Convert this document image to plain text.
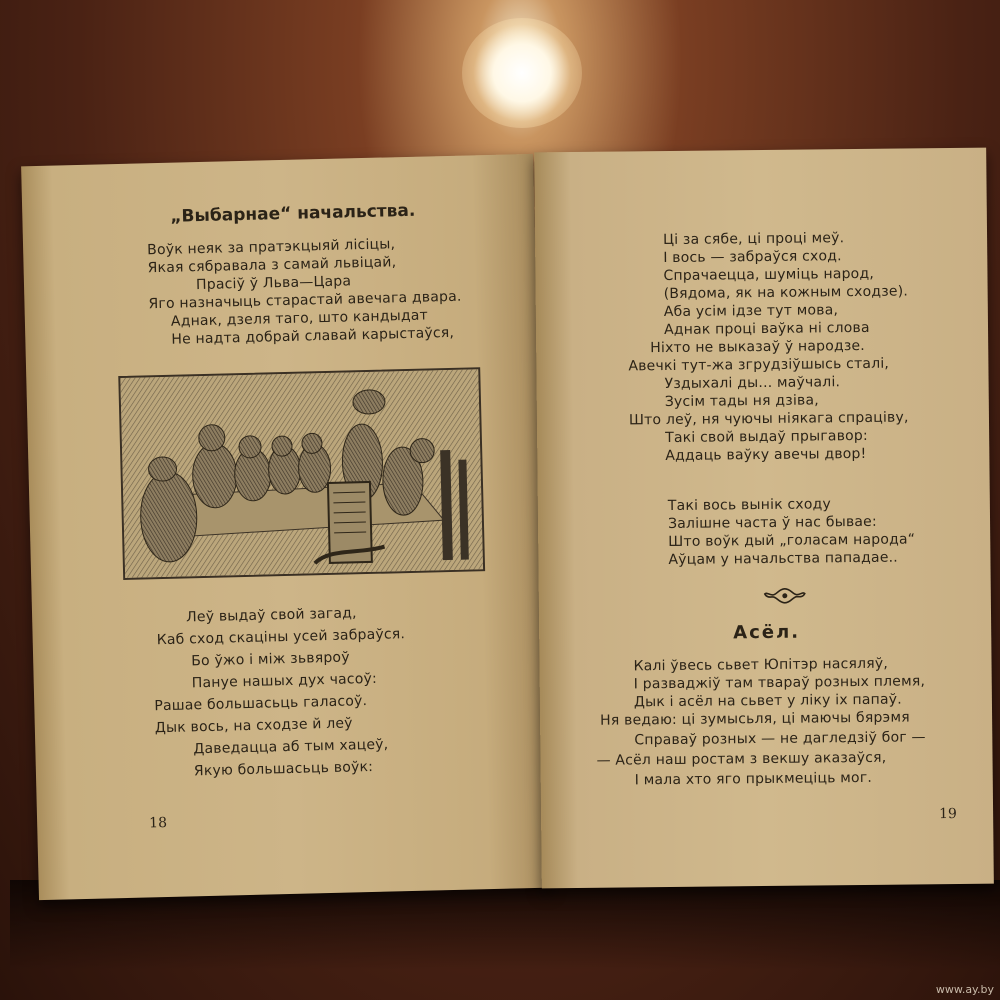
„Выбарнае“ начальства.
Воўк неяк за пратэкцыяй лісіцы,
Якая сябравала з самай львіцай,
Прасіў ў Льва—Цара
Яго назначыць старастай авечага двара.
Аднак, дзеля таго, што кандыдат
Не надта добрай славай карыстаўся,
Леў выдаў свой загад,
Каб сход скаціны усей забраўся.
Бо ўжо і між зьвяроў
Пануе нашых дух часоў:
Рашае большасьць галасоў.
Дык вось, на сходзе й леў
Даведацца аб тым хацеў,
Якую большасьць воўк:
18
Ці за сябе, ці проці меў.
І вось — забраўся сход.
Спрачаецца, шуміць народ,
(Вядома, як на кожным сходзе).
Аба усім ідзе тут мова,
Аднак проці ваўка ні слова
Ніхто не выказаў ў народзе.
Авечкі тут-жа згрудзіўшысь сталі,
Уздыхалі ды... маўчалі.
Зусім тады ня дзіва,
Што леў, ня чуючы ніякага спраціву,
Такі свой выдаў прыгавор:
Аддаць ваўку авечы двор!
Такі вось вынік сходу
Залішне часта ў нас бывае:
Што воўк дый „голасам народа“
Аўцам у начальства пападае..
Асёл.
Калі ўвесь сьвет Юпітэр насяляў,
І разваджіў там твараў розных племя,
Дык і асёл на сьвет у ліку іх папаў.
Ня ведаю: ці зумысьля, ці маючы бярэмя
Справаў розных — не дагледзіў бог —
— Асёл наш ростам з векшу аказаўся,
І мала хто яго прыкмеціць мог.
19
www.ay.by
